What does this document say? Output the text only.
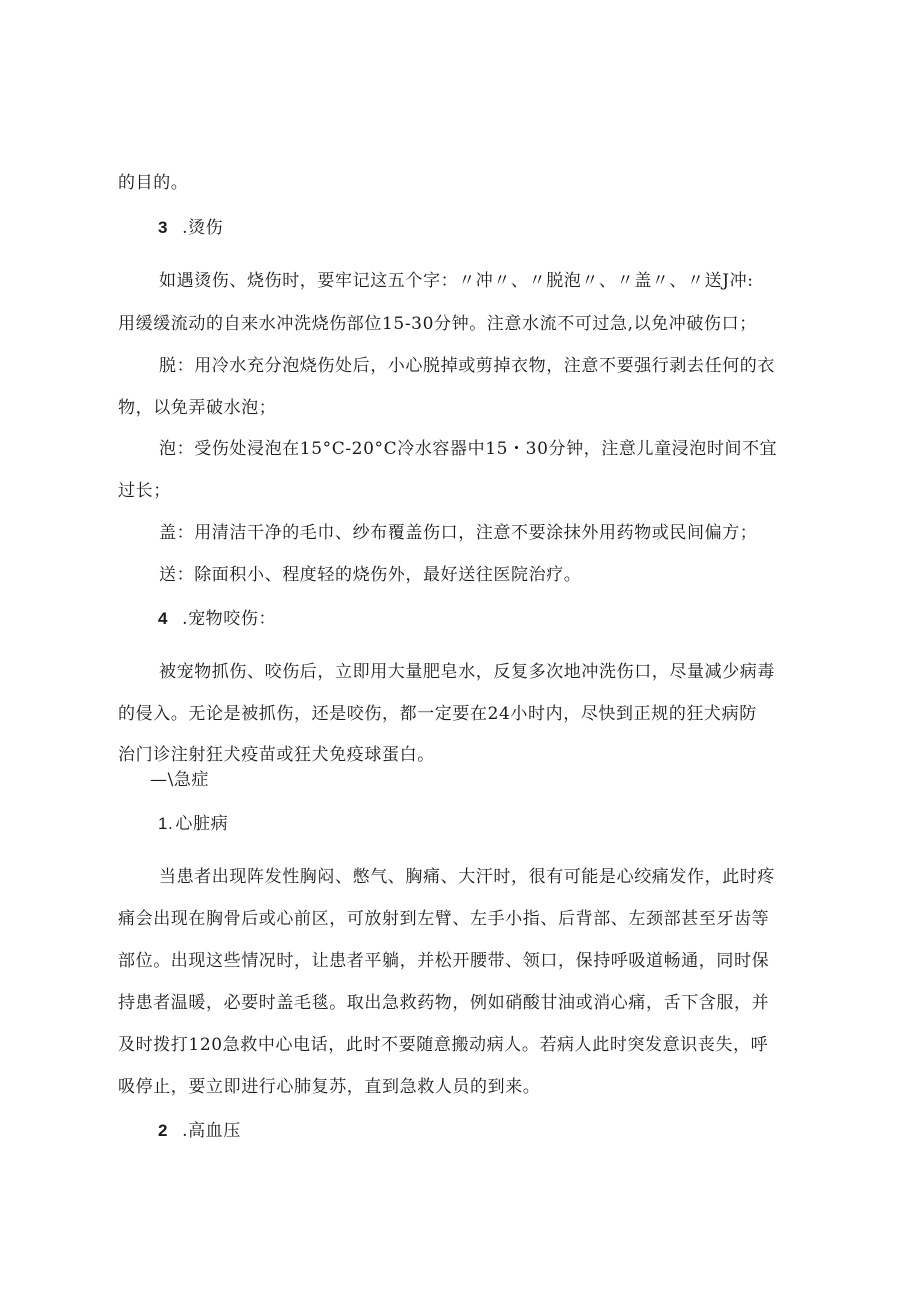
的目的。
3 .烫伤
如遇烫伤、烧伤时，要牢记这五个字：〃冲〃、〃脱泡〃、〃盖〃、〃送J冲:
用缓缓流动的自来水冲洗烧伤部位15-30分钟。注意水流不可过急,以免冲破伤口；
脱：用冷水充分泡烧伤处后，小心脱掉或剪掉衣物，注意不要强行剥去任何的衣
物，以免弄破水泡；
泡：受伤处浸泡在15°C-20°C冷水容器中15・30分钟，注意儿童浸泡时间不宜
过长；
盖：用清洁干净的毛巾、纱布覆盖伤口，注意不要涂抹外用药物或民间偏方；
送：除面积小、程度轻的烧伤外，最好送往医院治疗。
4 .宠物咬伤：
被宠物抓伤、咬伤后，立即用大量肥皂水，反复多次地冲洗伤口，尽量减少病毒
的侵入。无论是被抓伤，还是咬伤，都一定要在24小时内，尽快到正规的狂犬病防
治门诊注射狂犬疫苗或狂犬免疫球蛋白。
—\急症
1. 心脏病
当患者出现阵发性胸闷、憋气、胸痛、大汗时，很有可能是心绞痛发作，此时疼
痛会出现在胸骨后或心前区，可放射到左臂、左手小指、后背部、左颈部甚至牙齿等
部位。出现这些情况时，让患者平躺，并松开腰带、领口，保持呼吸道畅通，同时保
持患者温暖，必要时盖毛毯。取出急救药物，例如硝酸甘油或消心痛，舌下含服，并
及时拨打120急救中心电话，此时不要随意搬动病人。若病人此时突发意识丧失，呼
吸停止，要立即进行心肺复苏，直到急救人员的到来。
2 .高血压
